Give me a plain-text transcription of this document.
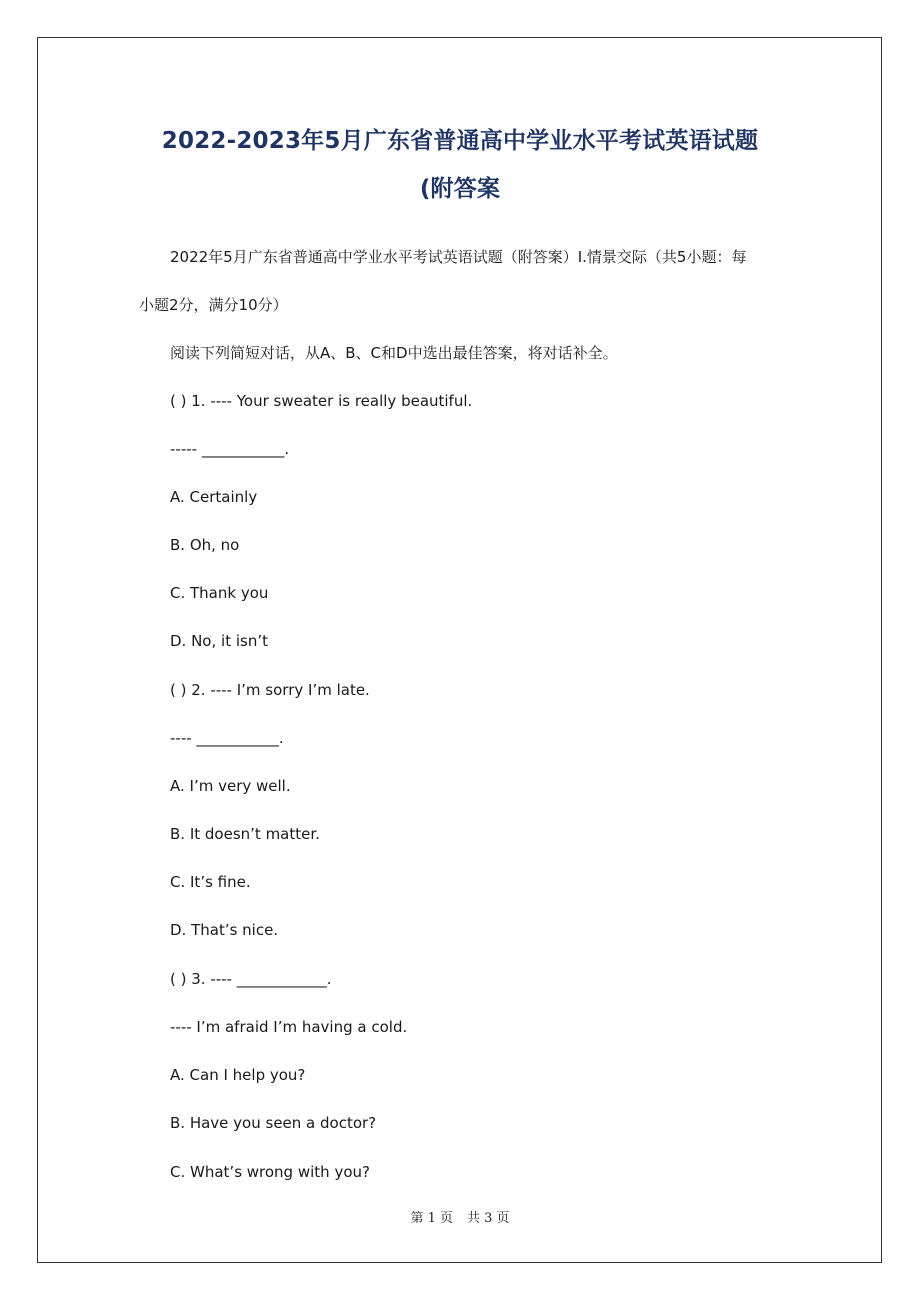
2022-2023年5月广东省普通高中学业水平考试英语试题
(附答案
2022年5月广东省普通高中学业水平考试英语试题（附答案）I.情景交际（共5小题：每
小题2分，满分10分）
阅读下列简短对话，从A、B、C和D中选出最佳答案，将对话补全。
( ) 1. ---- Your sweater is really beautiful.
----- ___________.
A. Certainly
B. Oh, no
C. Thank you
D. No, it isn’t
( ) 2. ---- I’m sorry I’m late.
---- ___________.
A. I’m very well.
B. It doesn’t matter.
C. It’s fine.
D. That’s nice.
( ) 3. ---- ____________.
---- I’m afraid I’m having a cold.
A. Can I help you?
B. Have you seen a doctor?
C. What’s wrong with you?
第 1 页 共 3 页
